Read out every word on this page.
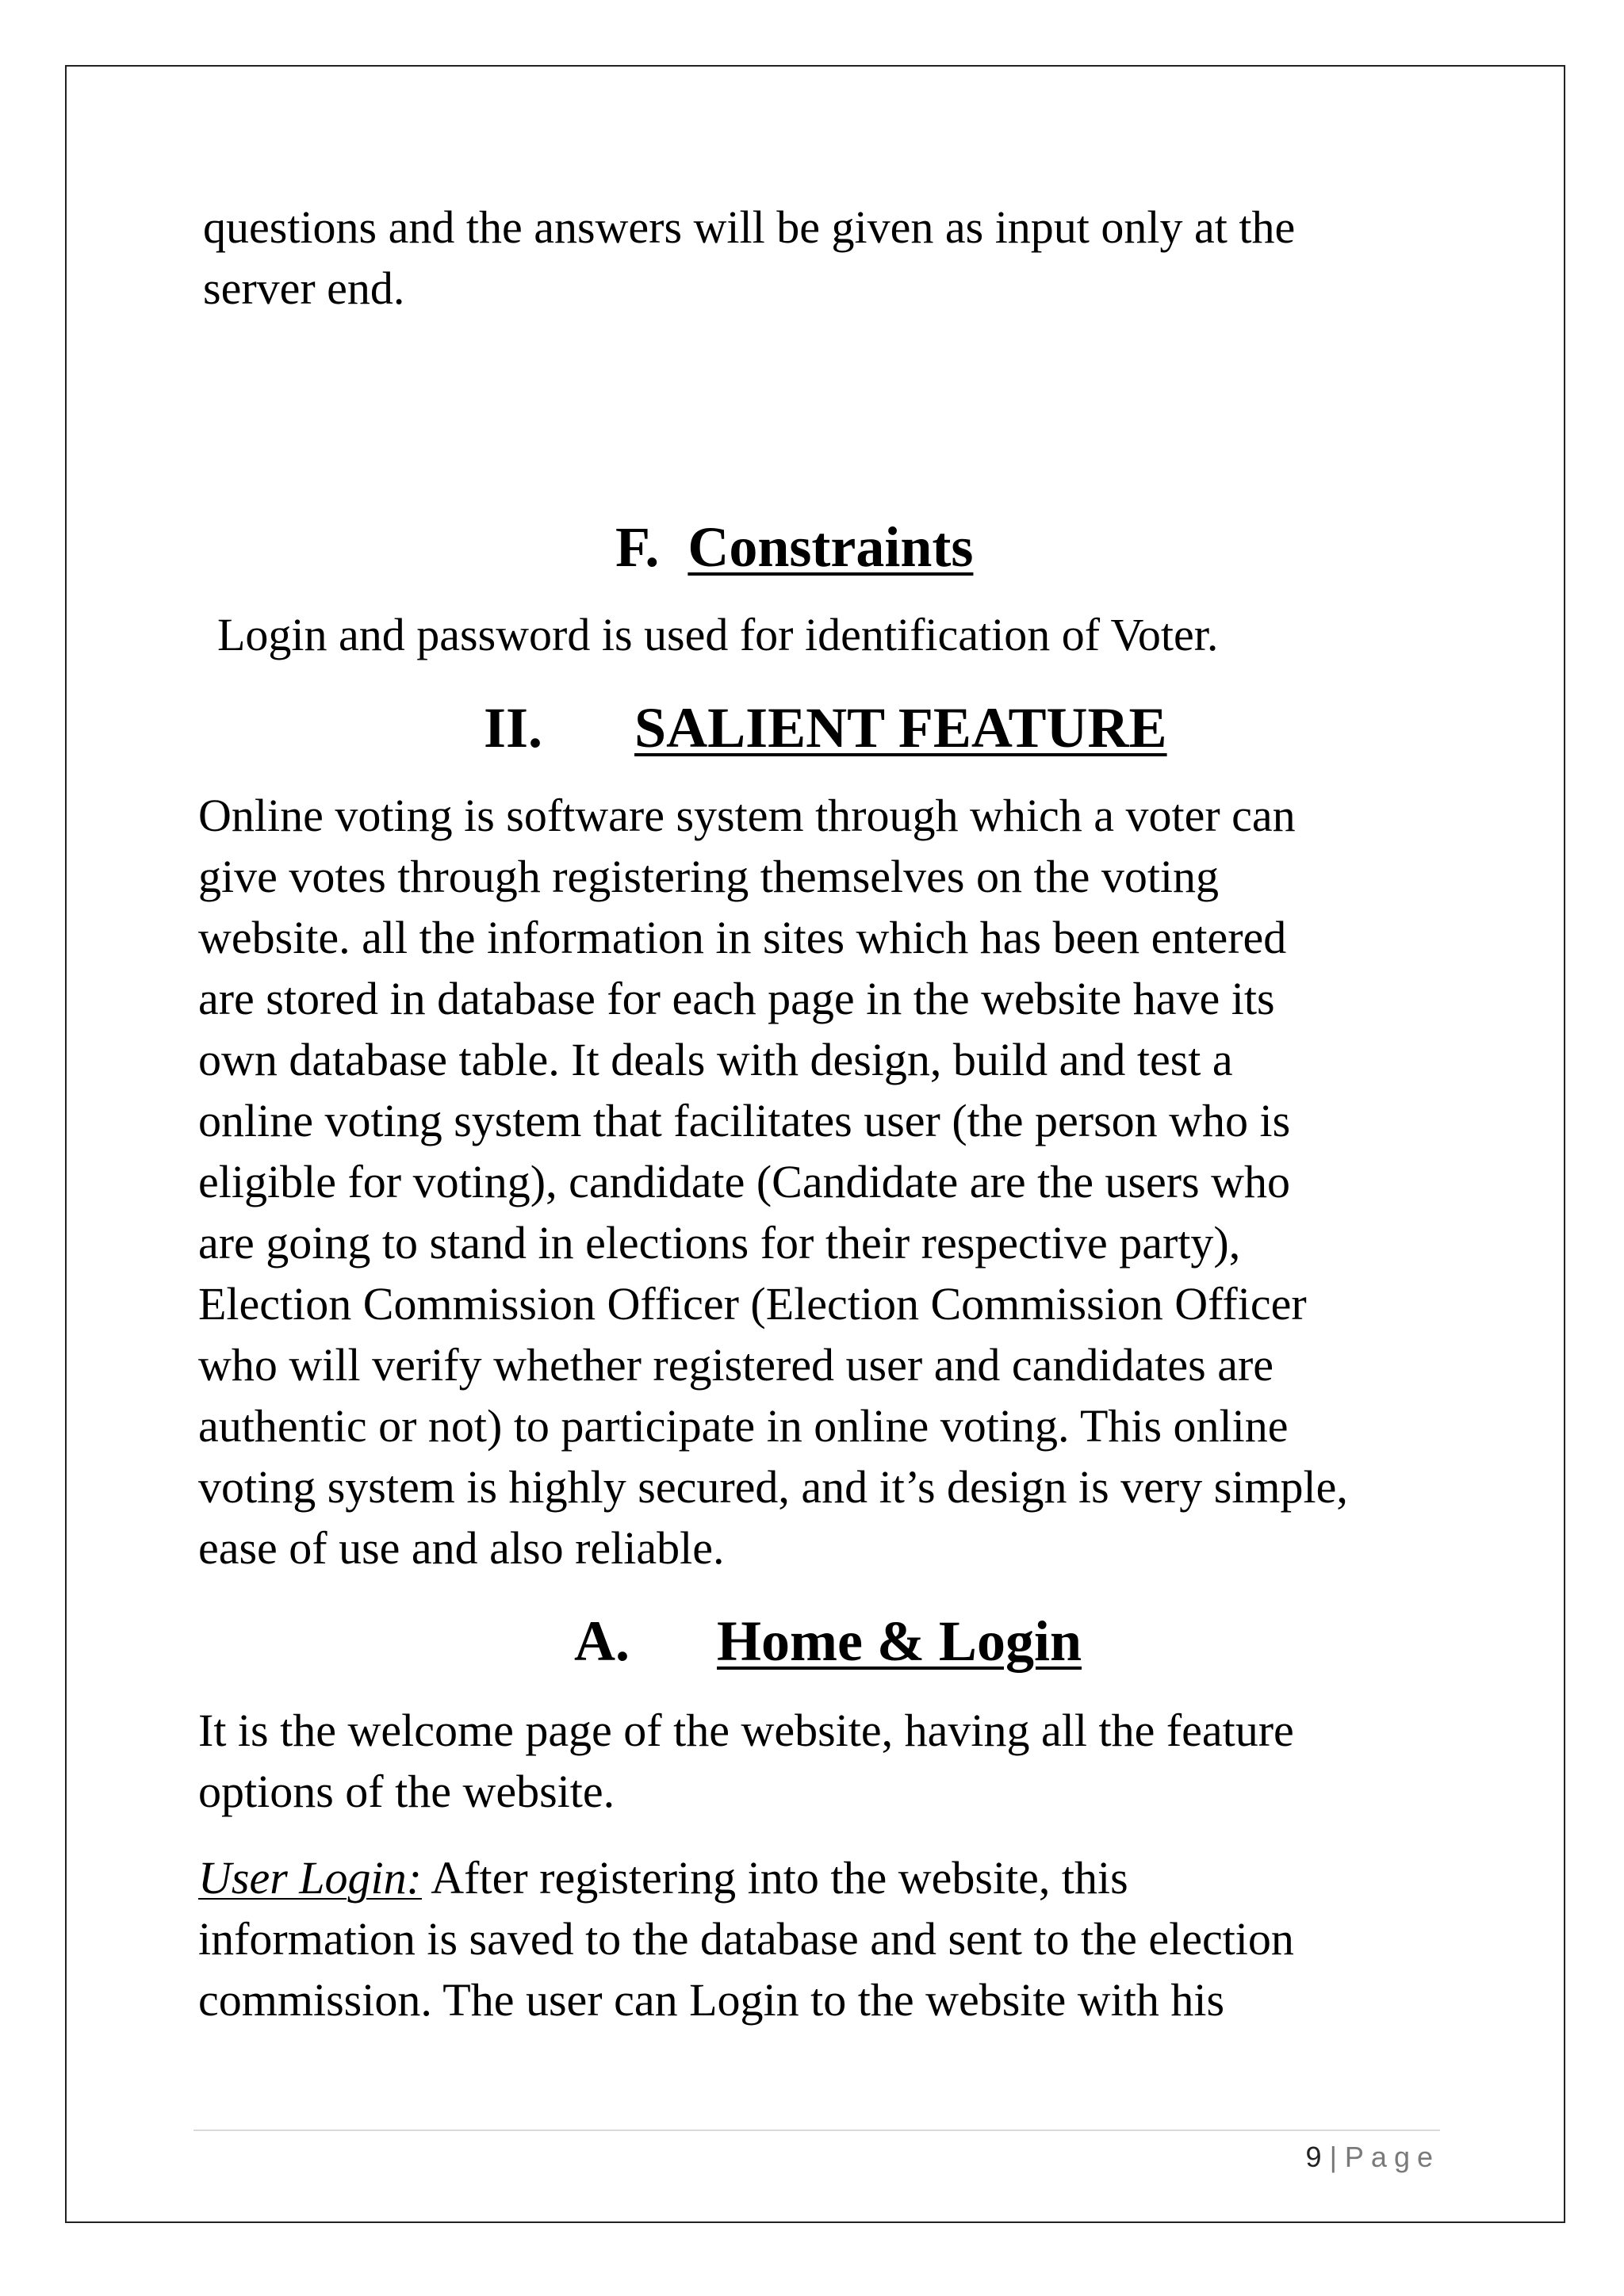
questions and the answers will be given as input only at the
server end.
F. Constraints

Login and password is used for identification of Voter.

II. SALIENT FEATURE
Online voting is software system through which a voter can
give votes through registering themselves on the voting
website. all the information in sites which has been entered
are stored in database for each page in the website have its
own database table. It deals with design, build and test a
online voting system that facilitates user (the person who is
eligible for voting), candidate (Candidate are the users who
are going to stand in elections for their respective party),
Election Commission Officer (Election Commission Officer
who will verify whether registered user and candidates are
authentic or not) to participate in online voting. This online
voting system is highly secured, and it’s design is very simple,
ease of use and also reliable.
A. Home & Login
It is the welcome page of the website, having all the feature
options of the website.
User Login: After registering into the website, this
information is saved to the database and sent to the election
commission. The user can Login to the website with his
9 | Page
